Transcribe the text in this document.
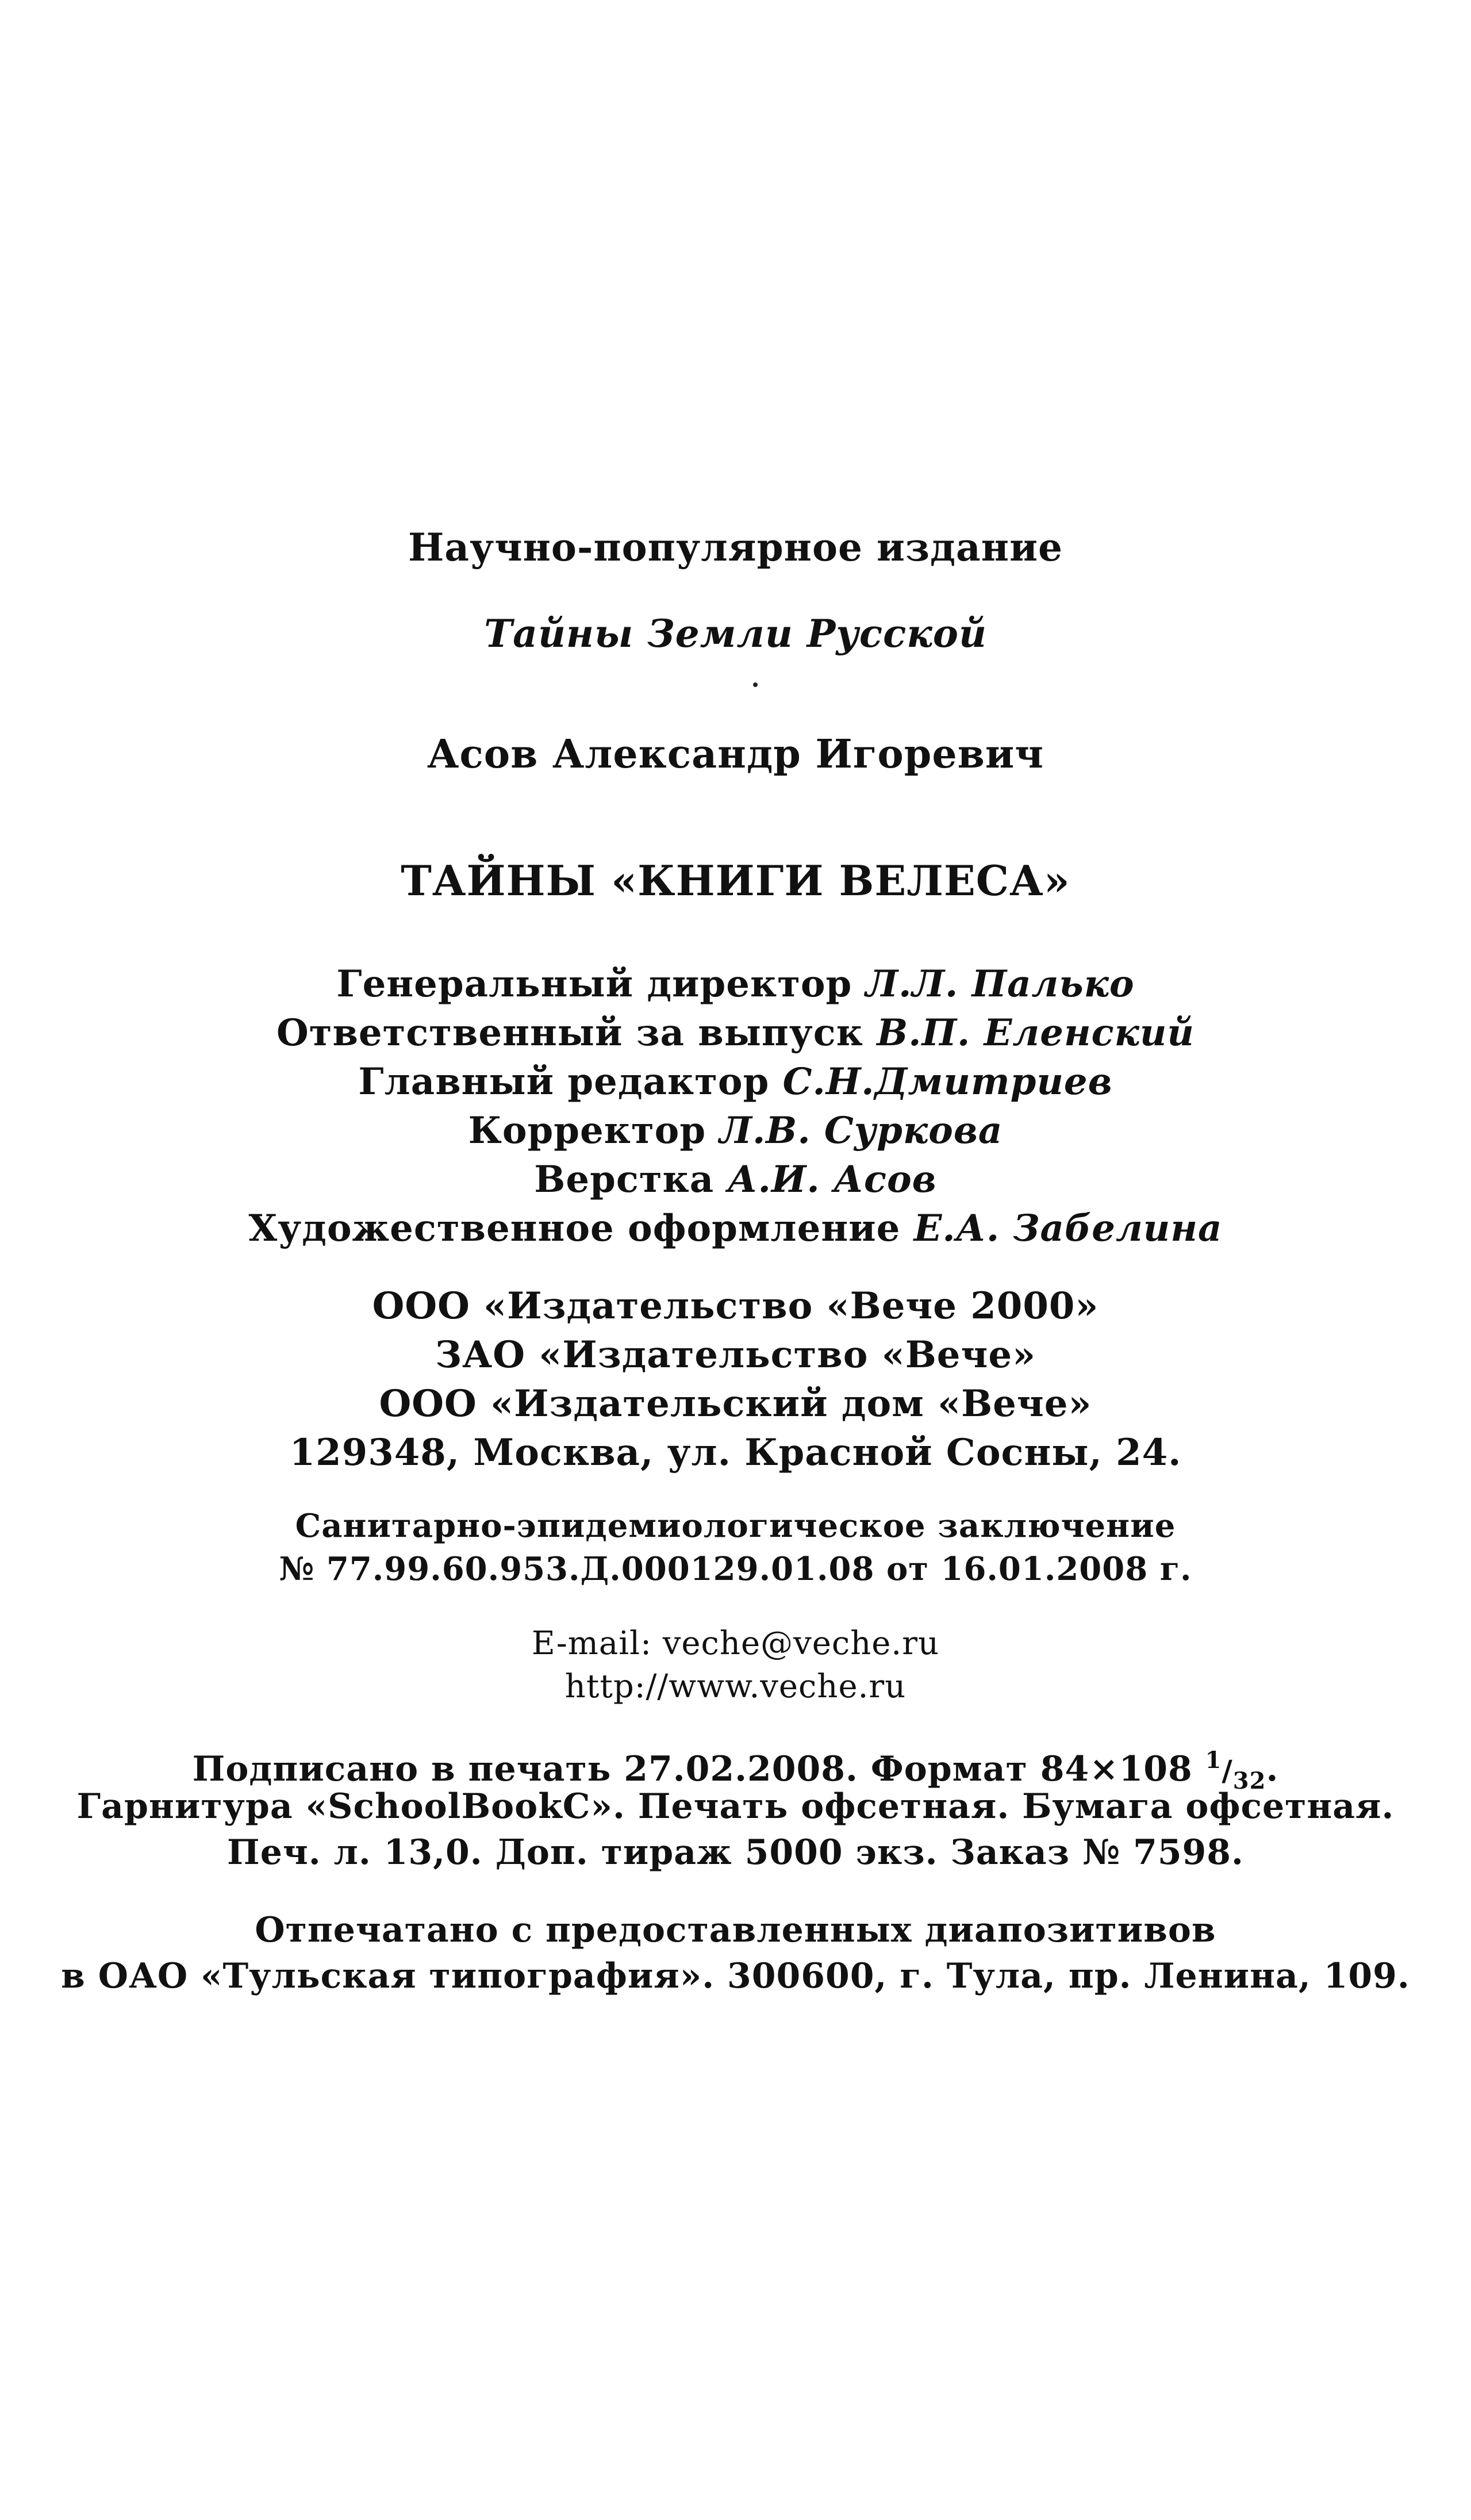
Научно-популярное издание
Тайны Земли Русской
Асов Александр Игоревич
ТАЙНЫ «КНИГИ ВЕЛЕСА»
Генеральный директор Л.Л. Палько
Ответственный за выпуск В.П. Еленский
Главный редактор С.Н.Дмитриев
Корректор Л.В. Суркова
Верстка А.И. Асов
Художественное оформление Е.А. Забелина
ООО «Издательство «Вече 2000»
ЗАО «Издательство «Вече»
ООО «Издательский дом «Вече»
129348, Москва, ул. Красной Сосны, 24.
Санитарно-эпидемиологическое заключение
№ 77.99.60.953.Д.000129.01.08 от 16.01.2008 г.
E-mail: veche@veche.ru
http://www.veche.ru
Подписано в печать 27.02.2008. Формат 84×108 $^1/_{32}$.
Гарнитура «SchoolBookC». Печать офсетная. Бумага офсетная.
Печ. л. 13,0. Доп. тираж 5000 экз. Заказ № 7598.
Отпечатано с предоставленных диапозитивов
в ОАО «Тульская типография». 300600, г. Тула, пр. Ленина, 109.
